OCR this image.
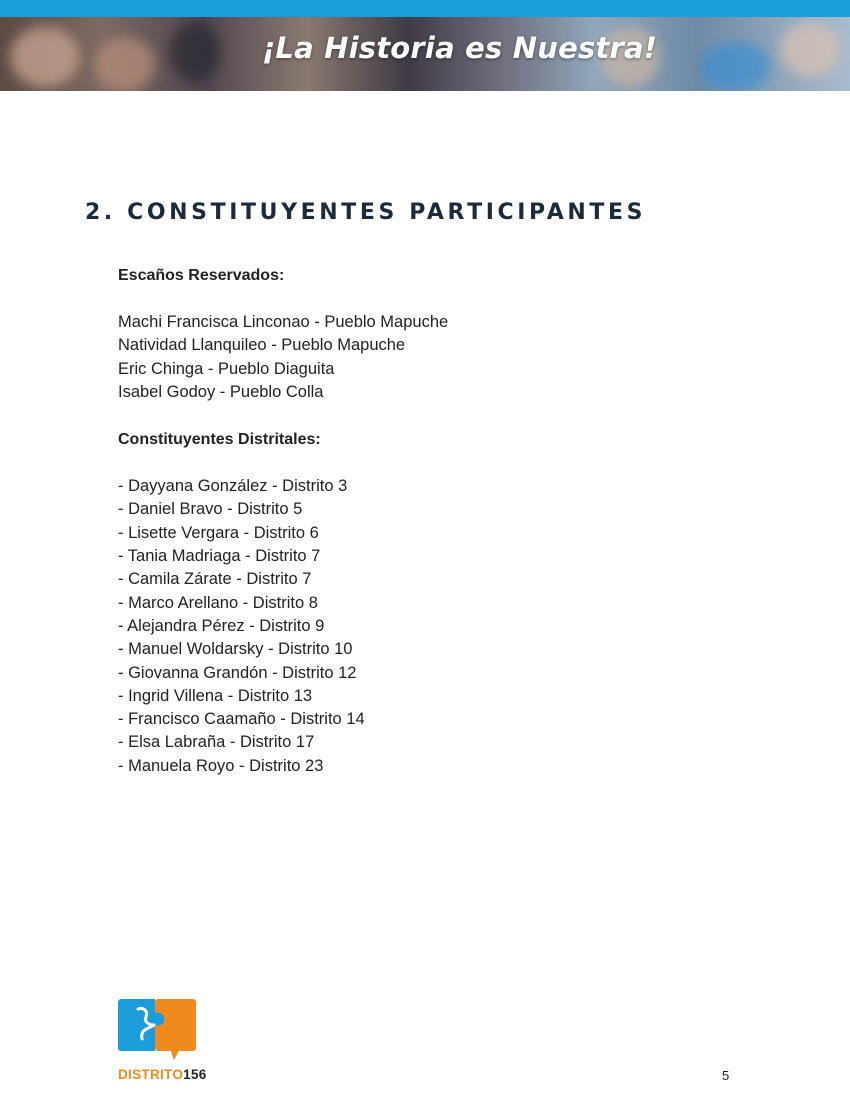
¡La Historia es Nuestra!
2. CONSTITUYENTES PARTICIPANTES

Escaños Reservados:

Machi Francisca Linconao - Pueblo Mapuche
Natividad Llanquileo - Pueblo Mapuche
Eric Chinga - Pueblo Diaguita
Isabel Godoy - Pueblo Colla

Constituyentes Distritales:

- Dayyana González - Distrito 3
- Daniel Bravo - Distrito 5
- Lisette Vergara - Distrito 6
- Tania Madriaga - Distrito 7
- Camila Zárate - Distrito 7
- Marco Arellano - Distrito 8
- Alejandra Pérez - Distrito 9
- Manuel Woldarsky - Distrito 10
- Giovanna Grandón - Distrito 12
- Ingrid Villena - Distrito 13
- Francisco Caamaño - Distrito 14
- Elsa Labraña - Distrito 17
- Manuela Royo - Distrito 23

DISTRITO156	5
